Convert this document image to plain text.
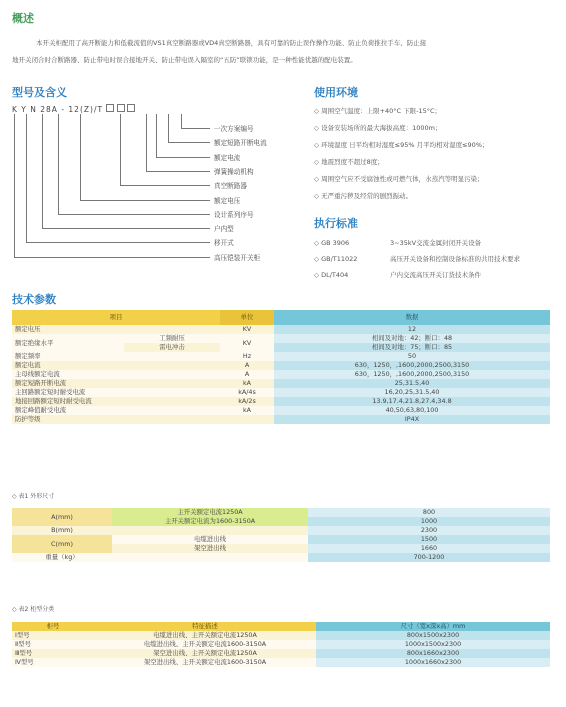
概述
本开关柜配用了高开断能力和低截流值的VS1真空断路器或VD4真空断路器，具有可靠的防止误作操作功能、防止负荷推拉手车、防止接
地开关闭合时合断路器、防止带电时误合接地开关、防止带电误入隔室的“五防”联锁功能，是一种性能优越的配电装置。
型号及含义
K Y N 28A - 12(Z)/T
一次方案编号
额定短路开断电流
额定电流
弹簧操动机构
真空断路器
额定电压
设计系列序号
户内型
移开式
高压铠装开关柜
使用环境
◇ 周围空气温度：上限+40°C 下限-15°C；
◇ 设备安装场所的最大海拔高度：1000m；
◇ 环境湿度 日平均相对湿度≤95% 月平均相对湿度≤90%；
◇ 地震烈度不超过8度；
◇ 周围空气应不受腐蚀性或可燃气体，水蒸汽等明显污染；
◇ 无严重污秽及经常的剧烈振动。
执行标准
◇ GB 3906	3~35kV交流金属封闭开关设备
◇ GB/T11022	高压开关设备和控制设备标准的共用技术要求
◇ DL/T404	户内交流高压开关订货技术条件
技术参数
项目		单位	数据
额定电压		KV	12
额定绝缘水平	工频耐压	KV	相间及对地：42；断口：48
	雷电冲击		相间及对地：75；断口：85
额定频率		Hz	50
额定电流		A	630，1250，,1600,2000,2500,3150
主母线额定电流		A	630，1250，,1600,2000,2500,3150
额定短路开断电流		kA	25,31.5,40
主回路额定短时耐受电流		kA/4s	16,20,25,31.5,40
地接回路额定短时耐受电流		kA/2s	13.9,17.4,21.8,27.4,34.8
额定峰值耐受电流		kA	40,50,63,80,100
防护等级			IP4X
◇ 表1 外形尺寸
A(mm)	主开关额定电流1250A	800
	主开关额定电流为1600-3150A	1000
B(mm)		2300
C(mm)	电缆进出线	1500
	架空进出线	1660
重量（kg）		700-1200
◇ 表2 柜型分类
柜号	特征描述	尺寸（宽x深x高）mm
Ⅰ型号	电缆进出线、主开关额定电流1250A	800x1500x2300
Ⅱ型号	电缆进出线、主开关额定电流1600-3150A	1000x1500x2300
Ⅲ型号	架空进出线、主开关额定电流1250A	800x1660x2300
Ⅳ型号	架空进出线、主开关额定电流1600-3150A	1000x1660x2300
